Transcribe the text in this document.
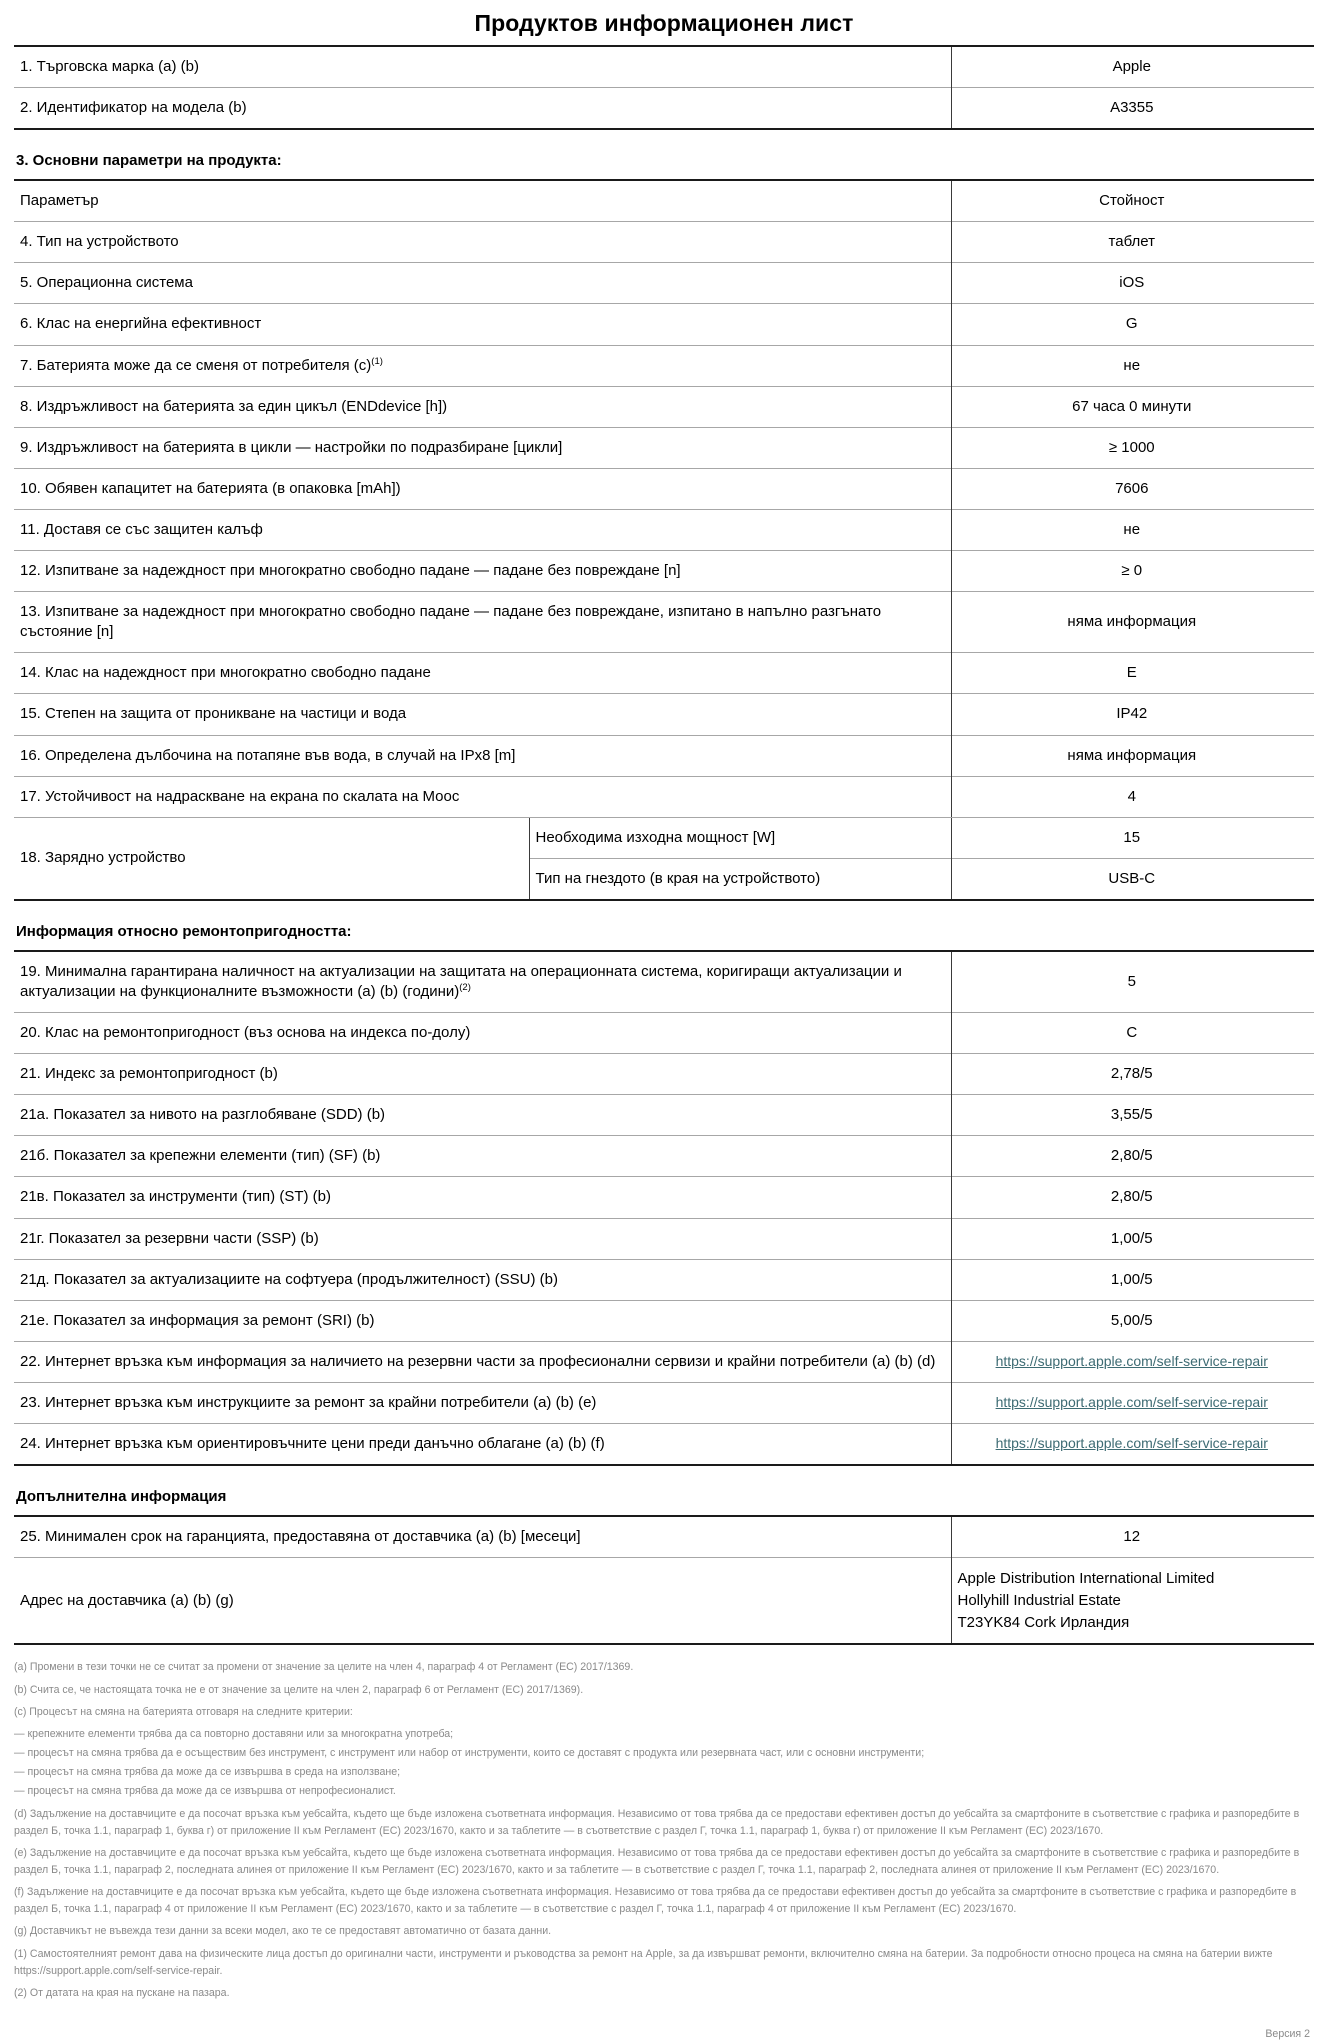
Продуктов информационен лист
1. Търговска марка (a) (b)	Apple
2. Идентификатор на модела (b)	A3355
3. Основни параметри на продукта:
Параметър	Стойност
4. Тип на устройството	таблет
5. Операционна система	iOS
6. Клас на енергийна ефективност	G
7. Батерията може да се сменя от потребителя $(c)^{(1)}$	не
8. Издръжливост на батерията за един цикъл (ENDdevice [h])	67 часа 0 минути
9. Издръжливост на батерията в цикли — настройки по подразбиране [цикли]	≥ 1000
10. Обявен капацитет на батерията (в опаковка [mAh])	7606
11. Доставя се със защитен калъф	не
12. Изпитване за надеждност при многократно свободно падане — падане без повреждане [n]	≥ 0
13. Изпитване за надеждност при многократно свободно падане — падане без повреждане, изпитано в напълно разгънато състояние [n]	няма информация
14. Клас на надеждност при многократно свободно падане	E
15. Степен на защита от проникване на частици и вода	IP42
16. Определена дълбочина на потапяне във вода, в случай на IPx8 [m]	няма информация
17. Устойчивост на надраскване на екрана по скалата на Моос	4
18. Зарядно устройство	Необходима изходна мощност [W]	15
	Тип на гнездото (в края на устройството)	USB-C

Информация относно ремонтопригодността:
19. Минимална гарантирана наличност на актуализации на защитата на операционната система, коригиращи актуализации и актуализации на функционалните възможности (a) (b) (години)$^{(2)}$	5
20. Клас на ремонтопригодност (въз основа на индекса по-долу)	C
21. Индекс за ремонтопригодност (b)	2,78/5
21а. Показател за нивото на разглобяване (SDD) (b)	3,55/5
21б. Показател за крепежни елементи (тип) (SF) (b)	2,80/5
21в. Показател за инструменти (тип) (ST) (b)	2,80/5
21г. Показател за резервни части (SSP) (b)	1,00/5
21д. Показател за актуализациите на софтуера (продължителност) (SSU) (b)	1,00/5
21е. Показател за информация за ремонт (SRI) (b)	5,00/5
22. Интернет връзка към информация за наличието на резервни части за професионални сервизи и крайни потребители (a) (b) (d)	https://support.apple.com/self-service-repair
23. Интернет връзка към инструкциите за ремонт за крайни потребители (a) (b) (e)	https://support.apple.com/self-service-repair
24. Интернет връзка към ориентировъчните цени преди данъчно облагане (a) (b) (f)	https://support.apple.com/self-service-repair
Допълнителна информация
25. Минимален срок на гаранцията, предоставяна от доставчика (a) (b) [месеци]	12
Адрес на доставчика (a) (b) (g)	Apple Distribution International Limited
Hollyhill Industrial Estate
T23YK84 Cork Ирландия

(a) Промени в тези точки не се считат за промени от значение за целите на член 4, параграф 4 от Регламент (ЕС) 2017/1369.

(b) Счита се, че настоящата точка не е от значение за целите на член 2, параграф 6 от Регламент (ЕС) 2017/1369).

(c) Процесът на смяна на батерията отговаря на следните критерии:

— крепежните елементи трябва да са повторно доставяни или за многократна употреба;

— процесът на смяна трябва да е осъществим без инструмент, с инструмент или набор от инструменти, които се доставят с продукта или резервната част, или с основни инструменти;

— процесът на смяна трябва да може да се извършва в среда на използване;

— процесът на смяна трябва да може да се извършва от непрофесионалист.

(d) Задължение на доставчиците е да посочат връзка към уебсайта, където ще бъде изложена съответната информация. Независимо от това трябва да се предостави ефективен достъп до уебсайта за смартфоните в съответствие с графика и разпоредбите в раздел Б, точка 1.1, параграф 1, буква г) от приложение II към Регламент (ЕС) 2023/1670, както и за таблетите — в съответствие с раздел Г, точка 1.1, параграф 1, буква г) от приложение II към Регламент (ЕС) 2023/1670.

(e) Задължение на доставчиците е да посочат връзка към уебсайта, където ще бъде изложена съответната информация. Независимо от това трябва да се предостави ефективен достъп до уебсайта за смартфоните в съответствие с графика и разпоредбите в раздел Б, точка 1.1, параграф 2, последната алинея от приложение II към Регламент (ЕС) 2023/1670, както и за таблетите — в съответствие с раздел Г, точка 1.1, параграф 2, последната алинея от приложение II към Регламент (ЕС) 2023/1670.

(f) Задължение на доставчиците е да посочат връзка към уебсайта, където ще бъде изложена съответната информация. Независимо от това трябва да се предостави ефективен достъп до уебсайта за смартфоните в съответствие с графика и разпоредбите в раздел Б, точка 1.1, параграф 4 от приложение II към Регламент (ЕС) 2023/1670, както и за таблетите — в съответствие с раздел Г, точка 1.1, параграф 4 от приложение II към Регламент (ЕС) 2023/1670.

(g) Доставчикът не въвежда тези данни за всеки модел, ако те се предоставят автоматично от базата данни.

(1) Самостоятелният ремонт дава на физическите лица достъп до оригинални части, инструменти и ръководства за ремонт на Apple, за да извършват ремонти, включително смяна на батерии. За подробности относно процеса на смяна на батерии вижте https://support.apple.com/self-service-repair.

(2) От датата на края на пускане на пазара.

Версия 2
